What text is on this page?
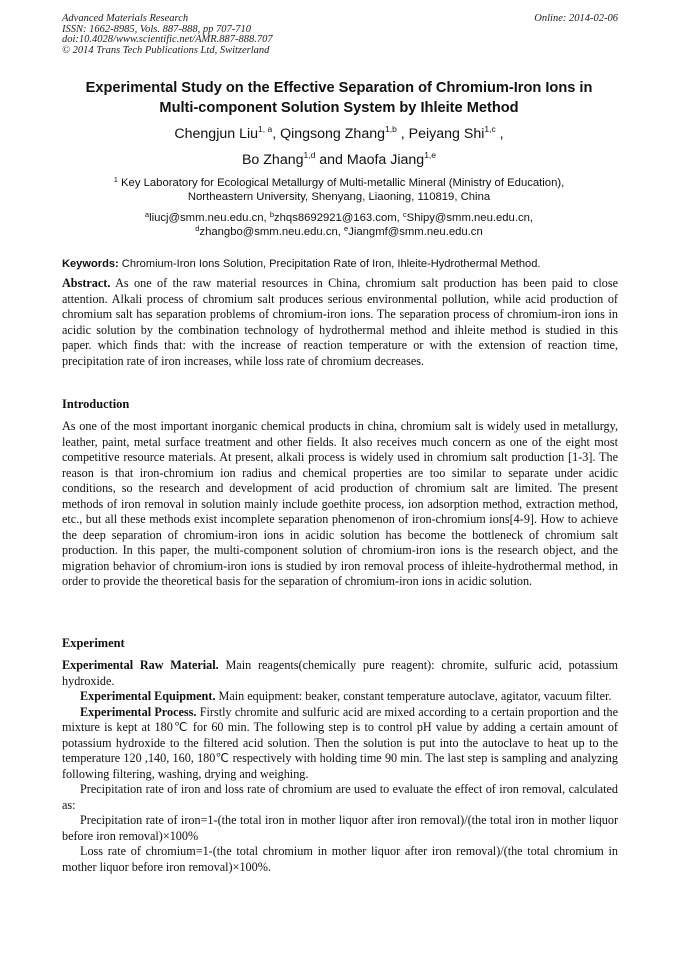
Advanced Materials Research
ISSN: 1662-8985, Vols. 887-888, pp 707-710
doi:10.4028/www.scientific.net/AMR.887-888.707
© 2014 Trans Tech Publications Ltd, Switzerland
Online: 2014-02-06
Experimental Study on the Effective Separation of Chromium-Iron Ions in
Multi-component Solution System by Ihleite Method
Chengjun Liu$^{1, a}$, Qingsong Zhang$^{1,b}$ , Peiyang Shi$^{1,c}$ ,
Bo Zhang$^{1,d}$ and Maofa Jiang$^{1,e}$
$^1$ Key Laboratory for Ecological Metallurgy of Multi-metallic Mineral (Ministry of Education),
Northeastern University, Shenyang, Liaoning, 110819, China
$^a$liucj@smm.neu.edu.cn, $^b$zhqs8692921@163.com, $^c$Shipy@smm.neu.edu.cn,
$^d$zhangbo@smm.neu.edu.cn, $^e$Jiangmf@smm.neu.edu.cn
Keywords: Chromium-Iron Ions Solution, Precipitation Rate of Iron, Ihleite-Hydrothermal Method.

Abstract. As one of the raw material resources in China, chromium salt production has been paid to close attention. Alkali process of chromium salt produces serious environmental pollution, while acid production of chromium salt has separation problems of chromium-iron ions. The separation process of chromium-iron ions in acidic solution by the combination technology of hydrothermal method and ihleite method is studied in this paper. which finds that: with the increase of reaction temperature or with the extension of reaction time, precipitation rate of iron increases, while loss rate of chromium decreases.

Introduction

As one of the most important inorganic chemical products in china, chromium salt is widely used in metallurgy, leather, paint, metal surface treatment and other fields. It also receives much concern as one of the eight most competitive resource materials. At present, alkali process is widely used in chromium salt production [1-3]. The reason is that iron-chromium ion radius and chemical properties are too similar to separate under acidic conditions, so the research and development of acid production of chromium salt are limited. The present methods of iron removal in solution mainly include goethite process, ion adsorption method, extraction method, etc., but all these methods exist incomplete separation phenomenon of iron-chromium ions[4-9]. How to achieve the deep separation of chromium-iron ions in acidic solution has become the bottleneck of chromium salt production. In this paper, the multi-component solution of chromium-iron ions is the research object, and the migration behavior of chromium-iron ions is studied by iron removal process of ihleite-hydrothermal method, in order to provide the theoretical basis for the separation of chromium-iron ions in acidic solution.

Experiment

Experimental Raw Material. Main reagents(chemically pure reagent): chromite, sulfuric acid, potassium hydroxide.

Experimental Equipment. Main equipment: beaker, constant temperature autoclave, agitator, vacuum filter.

Experimental Process. Firstly chromite and sulfuric acid are mixed according to a certain proportion and the mixture is kept at 180℃ for 60 min. The following step is to control pH value by adding a certain amount of potassium hydroxide to the filtered acid solution. Then the solution is put into the autoclave to heat up to the temperature 120 ,140, 160, 180℃ respectively with holding time 90 min. The last step is sampling and analyzing following filtering, washing, drying and weighing.

Precipitation rate of iron and loss rate of chromium are used to evaluate the effect of iron removal, calculated as:

Precipitation rate of iron=1-(the total iron in mother liquor after iron removal)/(the total iron in mother liquor before iron removal)×100%

Loss rate of chromium=1-(the total chromium in mother liquor after iron removal)/(the total chromium in mother liquor before iron removal)×100%.
